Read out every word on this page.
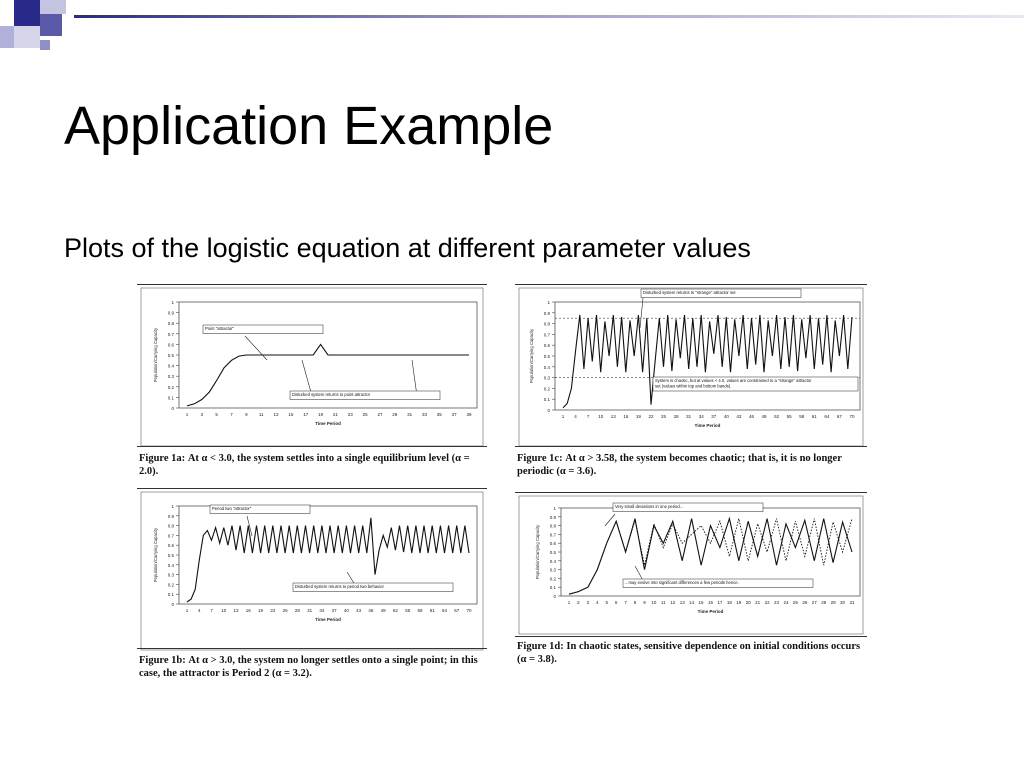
Application Example
Plots of the logistic equation at different parameter values
0
0.1
0.2
0.3
0.4
0.5
0.6
0.7
0.8
0.9
1
Population/Carrying Capacity
1	3	5	7	9 11 13 15 17 19 21 23 25 27 29 31 33 35 37 39
Time Period
Point "attractor"
Disturbed system returns to point attractor
Figure 1a: At α < 3.0, the system settles into a single equilibrium level (α = 2.0).
0
0.1
0.2
0.3
0.4
0.5
0.6
0.7
0.8
0.9
1
Population/Carrying Capacity
1 4 7 10 13 16 19 22 25 28 31 34 37 40 43 46 49 52 55 58 61 64 67 70
Time Period
Period two "attractor"
Disturbed system returns to period two behavior
Figure 1b: At α > 3.0, the system no longer settles onto a single point; in this case, the attractor is Period 2 (α = 3.2).
0
0.1
0.2
0.3
0.4
0.5
0.6
0.7
0.8
0.9
1
Population/Carrying Capacity
1 4 7 10 13 16 19 22 25 28 31 34 37 40 43 46 49 52 55 58 61 64 67 70
Time Period
Disturbed system returns to "strange" attractor set
System is chaotic, but at values < 4.0, values are constrained to a "strange" attractor
set (values within top and bottom bands).
Figure 1c: At α > 3.58, the system becomes chaotic; that is, it is no longer periodic (α = 3.6).
0
0.1
0.2
0.3
0.4
0.5
0.6
0.7
0.8
0.9
1
Population/Carrying Capacity
1 2 3 4 5 6 7 8 9 10 11 12 13 14 15 16 17 18 19 20 21 22 23 24 25 26 27 28 29 30 31
Time Period
Very small deviations in one period...
...may evolve into significant differences a few periods hence.
Figure 1d: In chaotic states, sensitive dependence on initial conditions occurs (α = 3.8).
